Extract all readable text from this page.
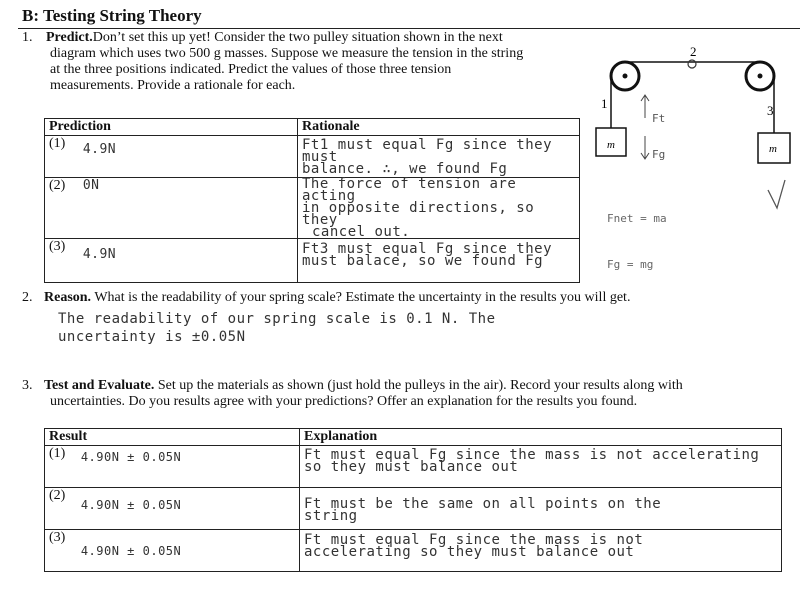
B: Testing String Theory
1. Predict.Don’t set this up yet! Consider the two pulley situation shown in the next
diagram which uses two 500 g masses. Suppose we measure the tension in the string
at the three positions indicated. Predict the values of those three tension
measurements. Provide a rationale for each.
Prediction	Rationale
(1) 4.9N	Ft1 must equal Fg since they must
balance. ∴, we found Fg

(2) 0N	The force of tension are acting
in opposite directions, so they
cancel out.

(3) 4.9N	Ft3 must equal Fg since they
must balace, so we found Fg
1
2
3
m	m
Ft
Fg
Fnet = ma
Fg = mg
2. Reason. What is the readability of your spring scale? Estimate the uncertainty in the results you will get.
The readability of our spring scale is 0.1 N. The
uncertainty is ±0.05N
3. Test and Evaluate. Set up the materials as shown (just hold the pulleys in the air). Record your results along with
uncertainties. Do you results agree with your predictions? Offer an explanation for the results you found.
Result	Explanation
(1) 4.90N ± 0.05N	Ft must equal Fg since the mass is not accelerating
so they must balance out

(2) 4.90N ± 0.05N	Ft must be the same on all points on the
string

(3) 4.90N ± 0.05N	Ft must equal Fg since the mass is not
accelerating so they must balance out
